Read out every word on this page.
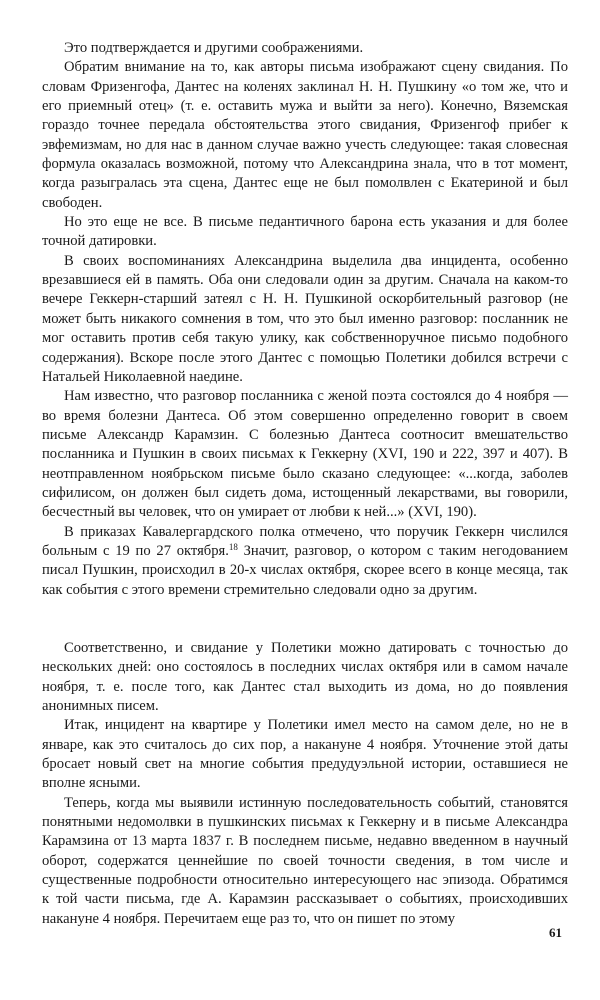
Это подтверждается и другими соображениями.

Обратим внимание на то, как авторы письма изображают сцену свидания. По словам Фризенгофа, Дантес на коленях заклинал Н. Н. Пушкину «о том же, что и его приемный отец» (т. е. оставить мужа и выйти за него). Конечно, Вяземская гораздо точнее передала обстоятельства этого свидания, Фризенгоф прибег к эвфемизмам, но для нас в данном случае важно учесть следующее: такая словесная формула оказалась возможной, потому что Александрина знала, что в тот момент, когда разыгралась эта сцена, Дантес еще не был помолвлен с Екатериной и был свободен.

Но это еще не все. В письме педантичного барона есть указания и для более точной датировки.

В своих воспоминаниях Александрина выделила два инцидента, особенно врезавшиеся ей в память. Оба они следовали один за другим. Сначала на каком-то вечере Геккерн-старший затеял с Н. Н. Пушкиной оскорбительный разговор (не может быть никакого сомнения в том, что это был именно разговор: посланник не мог оставить против себя такую улику, как собственноручное письмо подобного содержания). Вскоре после этого Дантес с помощью Полетики добился встречи с Натальей Николаевной наедине.

Нам известно, что разговор посланника с женой поэта состоялся до 4 ноября — во время болезни Дантеса. Об этом совершенно определенно говорит в своем письме Александр Карамзин. С болезнью Дантеса соотносит вмешательство посланника и Пушкин в своих письмах к Геккерну (XVI, 190 и 222, 397 и 407). В неотправленном ноябрьском письме было сказано следующее: «...когда, заболев сифилисом, он должен был сидеть дома, истощенный лекарствами, вы говорили, бесчестный вы человек, что он умирает от любви к ней...» (XVI, 190).

В приказах Кавалергардского полка отмечено, что поручик Геккерн числился больным с 19 по 27 октября.$^{18}$ Значит, разговор, о котором с таким негодованием писал Пушкин, происходил в 20-х числах октября, скорее всего в конце месяца, так как события с этого времени стремительно следовали одно за другим.

Соответственно, и свидание у Полетики можно датировать с точностью до нескольких дней: оно состоялось в последних числах октября или в самом начале ноября, т. е. после того, как Дантес стал выходить из дома, но до появления анонимных писем.

Итак, инцидент на квартире у Полетики имел место на самом деле, но не в январе, как это считалось до сих пор, а накануне 4 ноября. Уточнение этой даты бросает новый свет на многие события предудуэльной истории, оставшиеся не вполне ясными.

Теперь, когда мы выявили истинную последовательность событий, становятся понятными недомолвки в пушкинских письмах к Геккерну и в письме Александра Карамзина от 13 марта 1837 г. В последнем письме, недавно введенном в научный оборот, содержатся ценнейшие по своей точности сведения, в том числе и существенные подробности относительно интересующего нас эпизода. Обратимся к той части письма, где А. Карамзин рассказывает о событиях, происходивших накануне 4 ноября. Перечитаем еще раз то, что он пишет по этому

61
